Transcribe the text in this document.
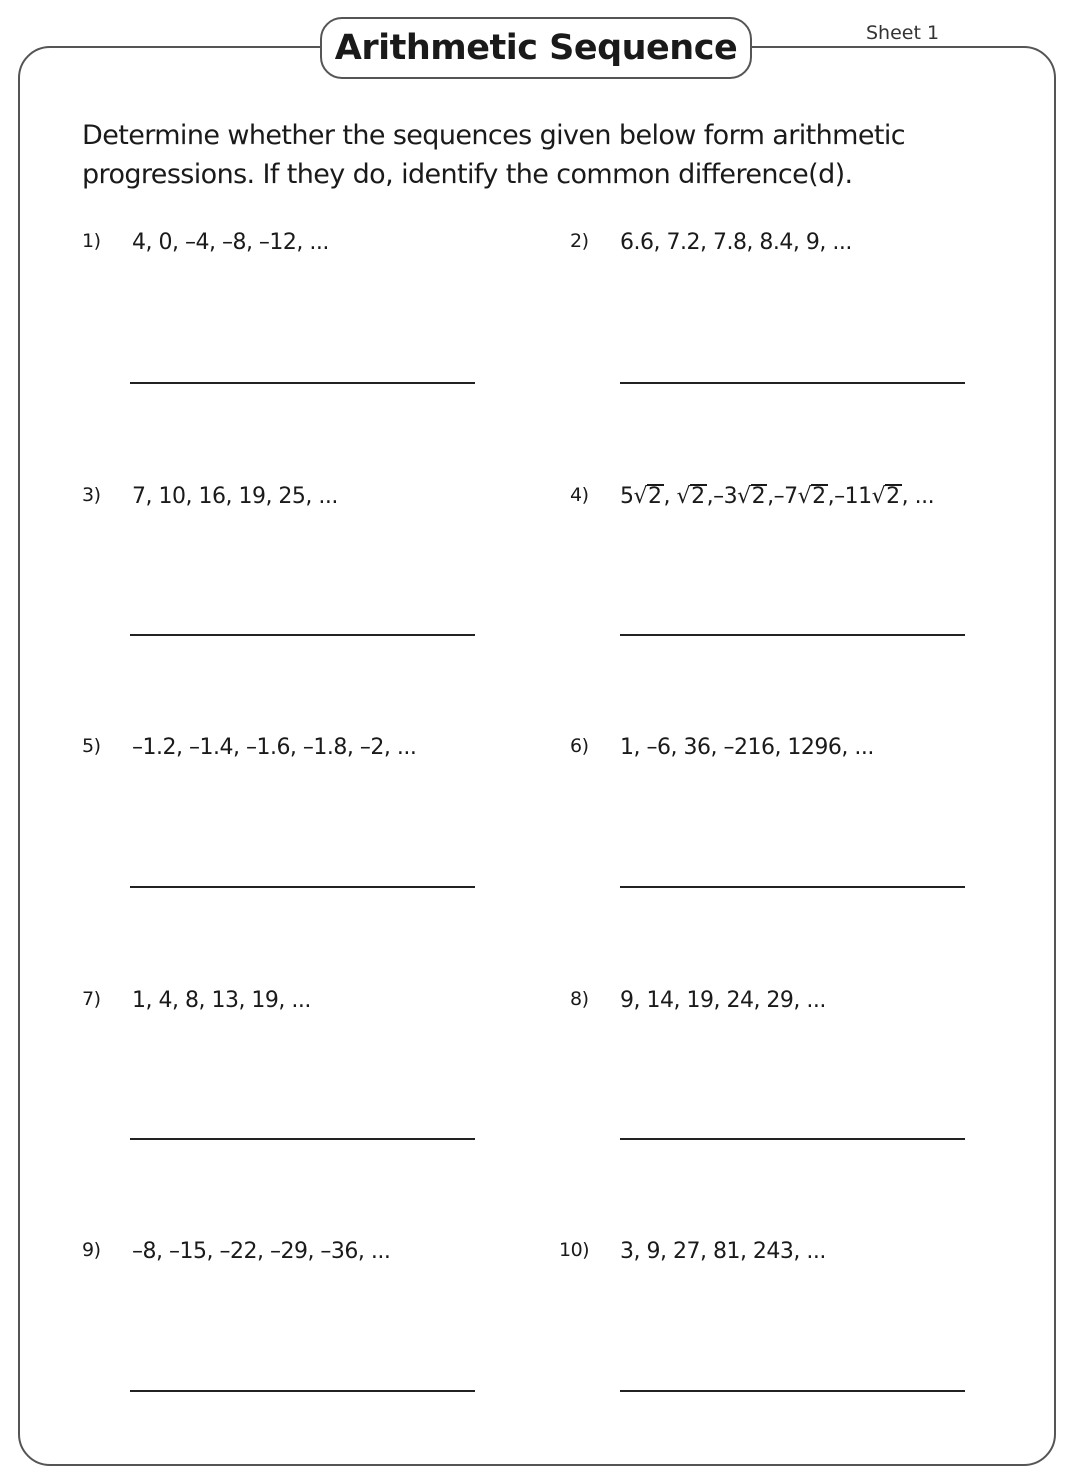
Arithmetic Sequence	Sheet 1
Determine whether the sequences given below form arithmetic progressions. If they do, identify the common difference(d).
1) 4, 0, –4, –8, –12, ...	2) 6.6, 7.2, 7.8, 8.4, 9, ...
3) 7, 10, 16, 19, 25, ...	4) 5√2, √2,–3√2,–7√2,–11√2, ...
5) –1.2, –1.4, –1.6, –1.8, –2, ...	6) 1, –6, 36, –216, 1296, ...
7) 1, 4, 8, 13, 19, ...	8) 9, 14, 19, 24, 29, ...
9) –8, –15, –22, –29, –36, ...	10) 3, 9, 27, 81, 243, ...
